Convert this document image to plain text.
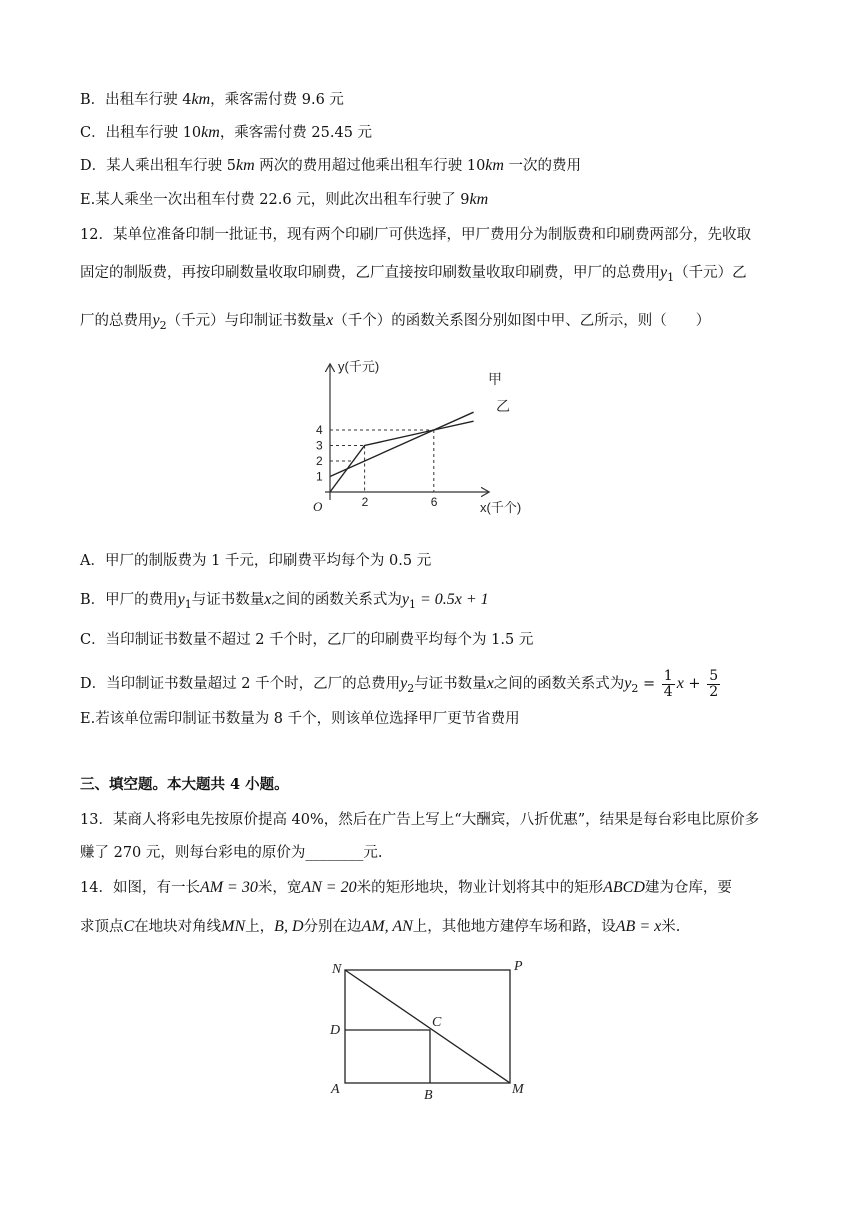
B．出租车行驶 4km，乘客需付费 9.6 元
C．出租车行驶 10km，乘客需付费 25.45 元
D．某人乘出租车行驶 5km 两次的费用超过他乘出租车行驶 10km 一次的费用
E.某人乘坐一次出租车付费 22.6 元，则此次出租车行驶了 9km
12．某单位准备印制一批证书，现有两个印刷厂可供选择，甲厂费用分为制版费和印刷费两部分，先收取
固定的制版费，再按印刷数量收取印刷费，乙厂直接按印刷数量收取印刷费，甲厂的总费用$y_1$（千元）乙
厂的总费用$y_2$（千元）与印制证书数量x（千个）的函数关系图分别如图中甲、乙所示，则（　　）
1
2
3
4
2	6
y(千元)
x(千个)
O
甲
乙
A．甲厂的制版费为 1 千元，印刷费平均每个为 0.5 元
B．甲厂的费用$y_1$与证书数量x之间的函数关系式为$y_1 = 0.5x + 1$
C．当印制证书数量不超过 2 千个时，乙厂的印刷费平均每个为 1.5 元
D．当印制证书数量超过 2 千个时，乙厂的总费用$y_2$与证书数量x之间的函数关系式为$y_2 = \frac{1}{4}$ $x + \frac{5}{2}$
E.若该单位需印制证书数量为 8 千个，则该单位选择甲厂更节省费用
三、填空题。本大题共 4 小题。
13．某商人将彩电先按原价提高 40%，然后在广告上写上“大酬宾，八折优惠”，结果是每台彩电比原价多
赚了 270 元，则每台彩电的原价为________元.
14．如图，有一长AM = 30米，宽AN = 20米的矩形地块，物业计划将其中的矩形ABCD建为仓库，要
求顶点C在地块对角线MN上，B, D分别在边AM, AN上，其他地方建停车场和路，设AB = x米.
N	P
D
C
A	B	M
